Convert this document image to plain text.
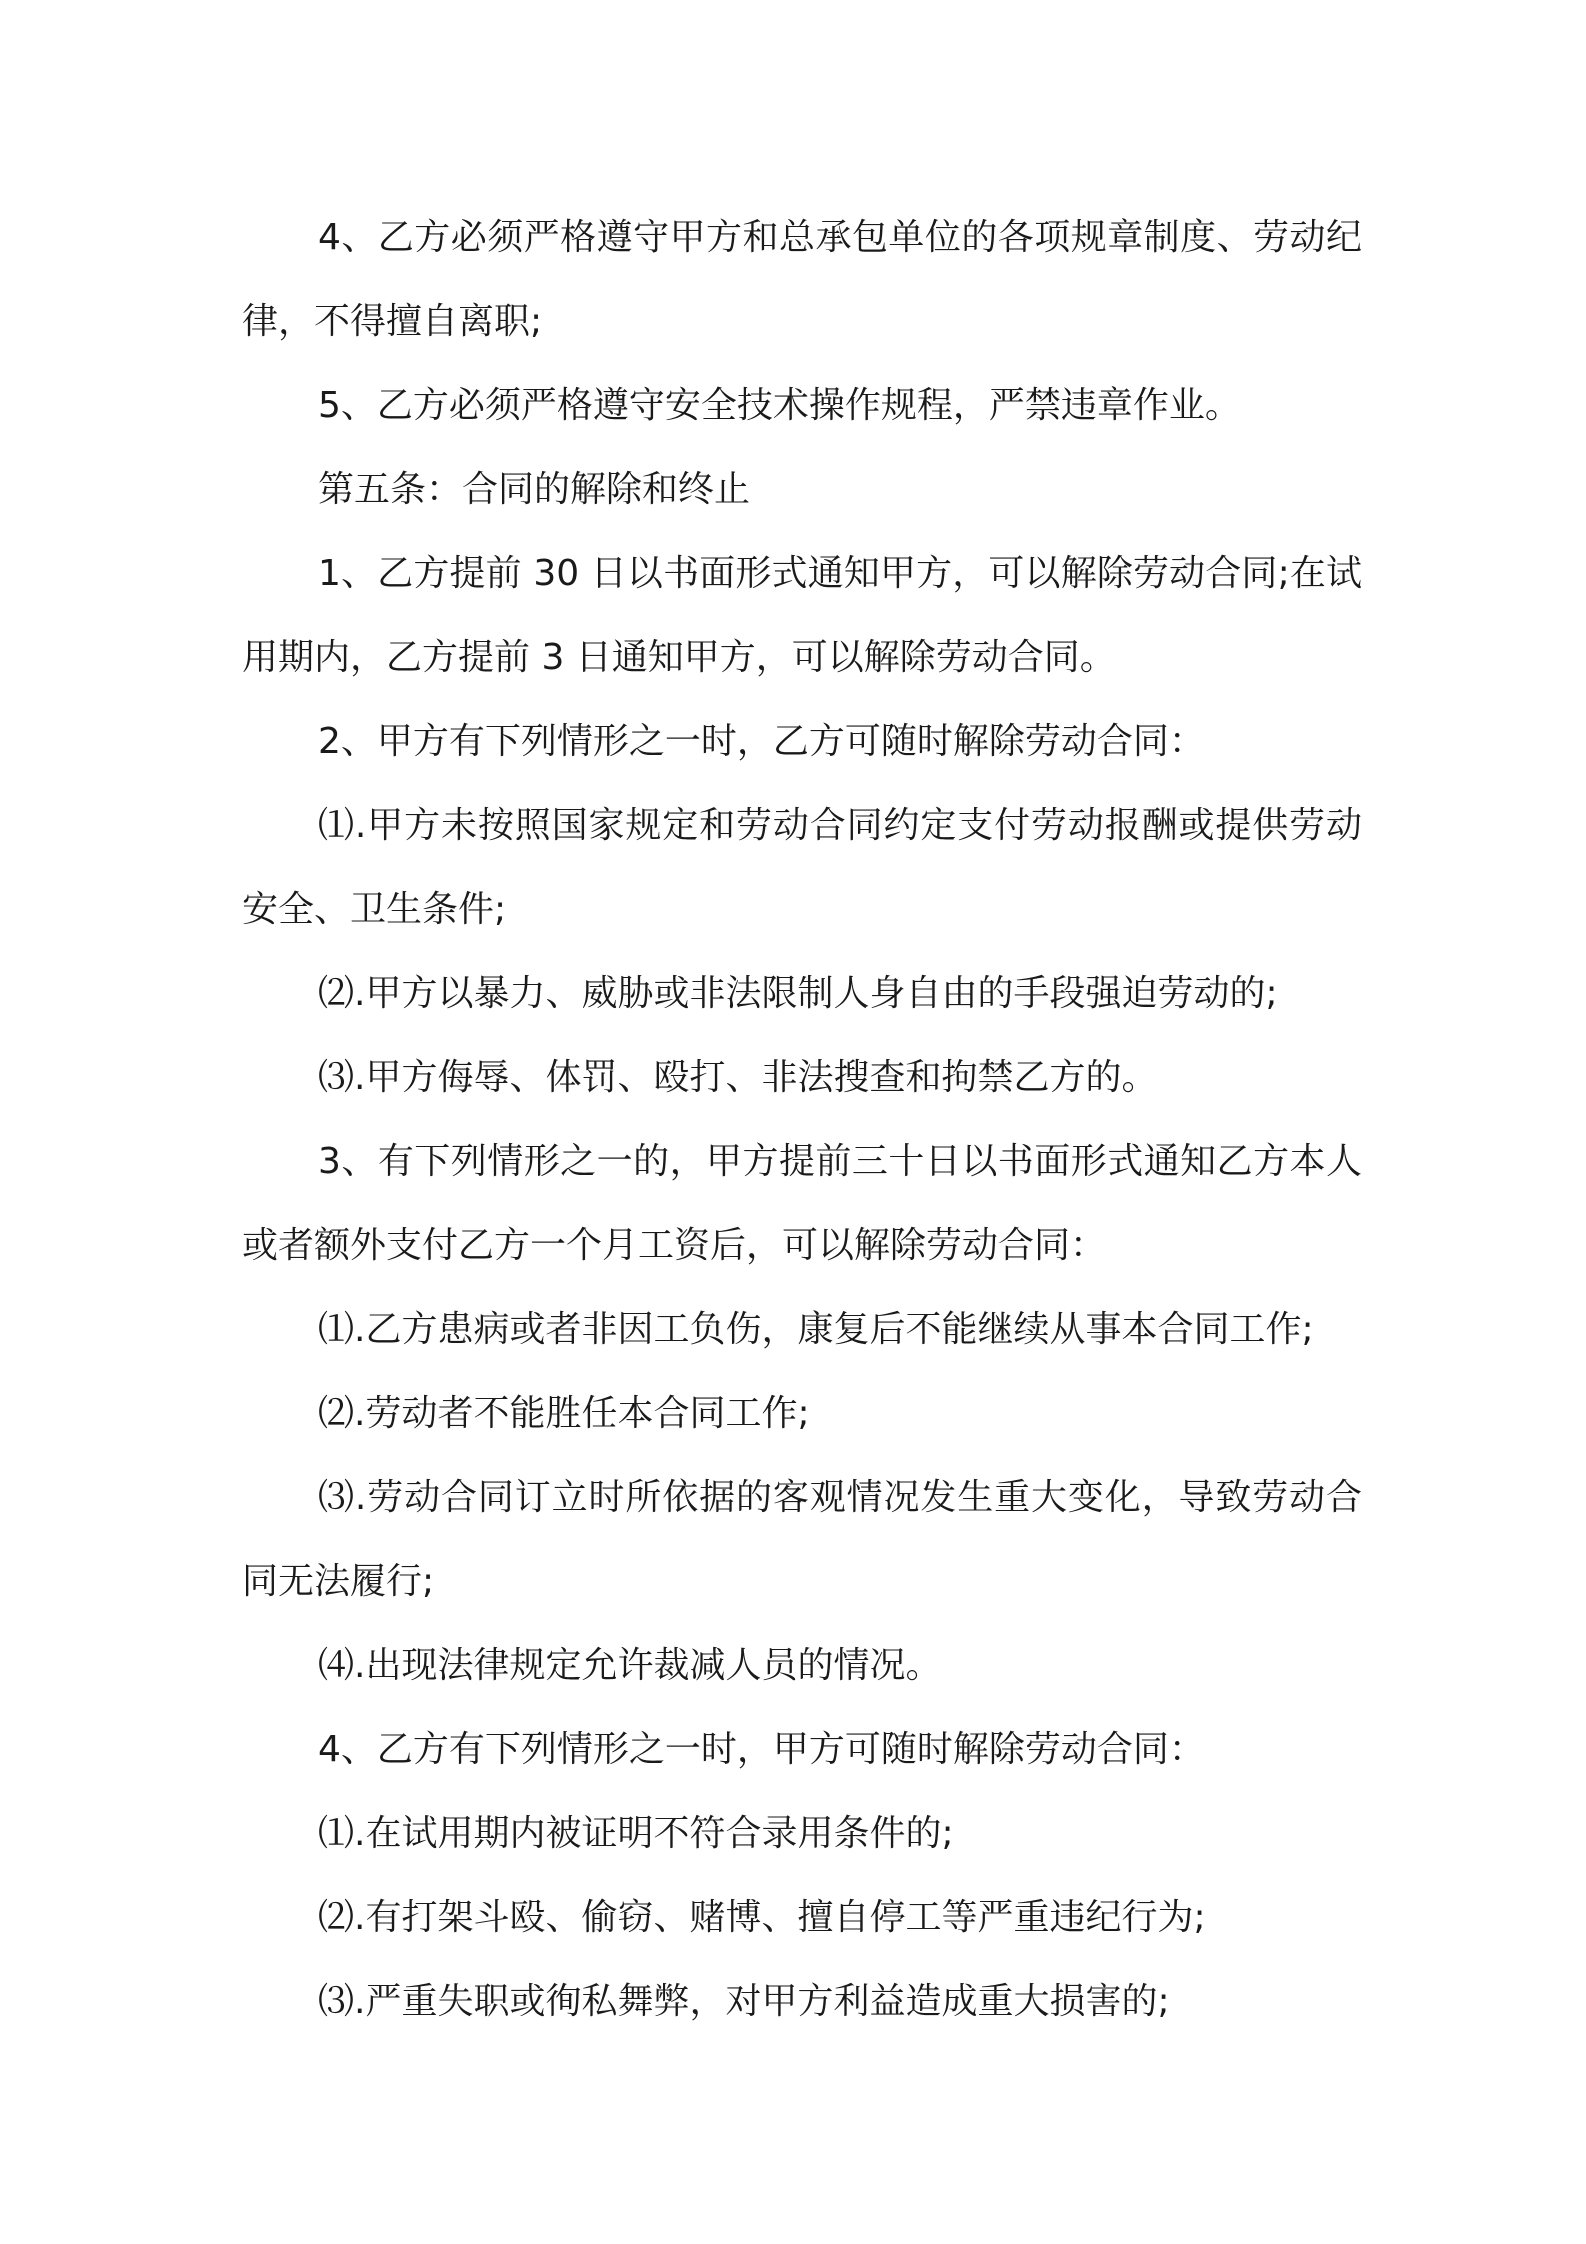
4、乙方必须严格遵守甲方和总承包单位的各项规章制度、劳动纪律，不得擅自离职;

5、乙方必须严格遵守安全技术操作规程，严禁违章作业。

第五条：合同的解除和终止

1、乙方提前 30 日以书面形式通知甲方，可以解除劳动合同;在试用期内，乙方提前 3 日通知甲方，可以解除劳动合同。

2、甲方有下列情形之一时，乙方可随时解除劳动合同：

⑴.甲方未按照国家规定和劳动合同约定支付劳动报酬或提供劳动安全、卫生条件;

⑵.甲方以暴力、威胁或非法限制人身自由的手段强迫劳动的;

⑶.甲方侮辱、体罚、殴打、非法搜查和拘禁乙方的。

3、有下列情形之一的，甲方提前三十日以书面形式通知乙方本人或者额外支付乙方一个月工资后，可以解除劳动合同：

⑴.乙方患病或者非因工负伤，康复后不能继续从事本合同工作;

⑵.劳动者不能胜任本合同工作;

⑶.劳动合同订立时所依据的客观情况发生重大变化，导致劳动合同无法履行;

⑷.出现法律规定允许裁减人员的情况。

4、乙方有下列情形之一时，甲方可随时解除劳动合同：

⑴.在试用期内被证明不符合录用条件的;

⑵.有打架斗殴、偷窃、赌博、擅自停工等严重违纪行为;

⑶.严重失职或徇私舞弊，对甲方利益造成重大损害的;
